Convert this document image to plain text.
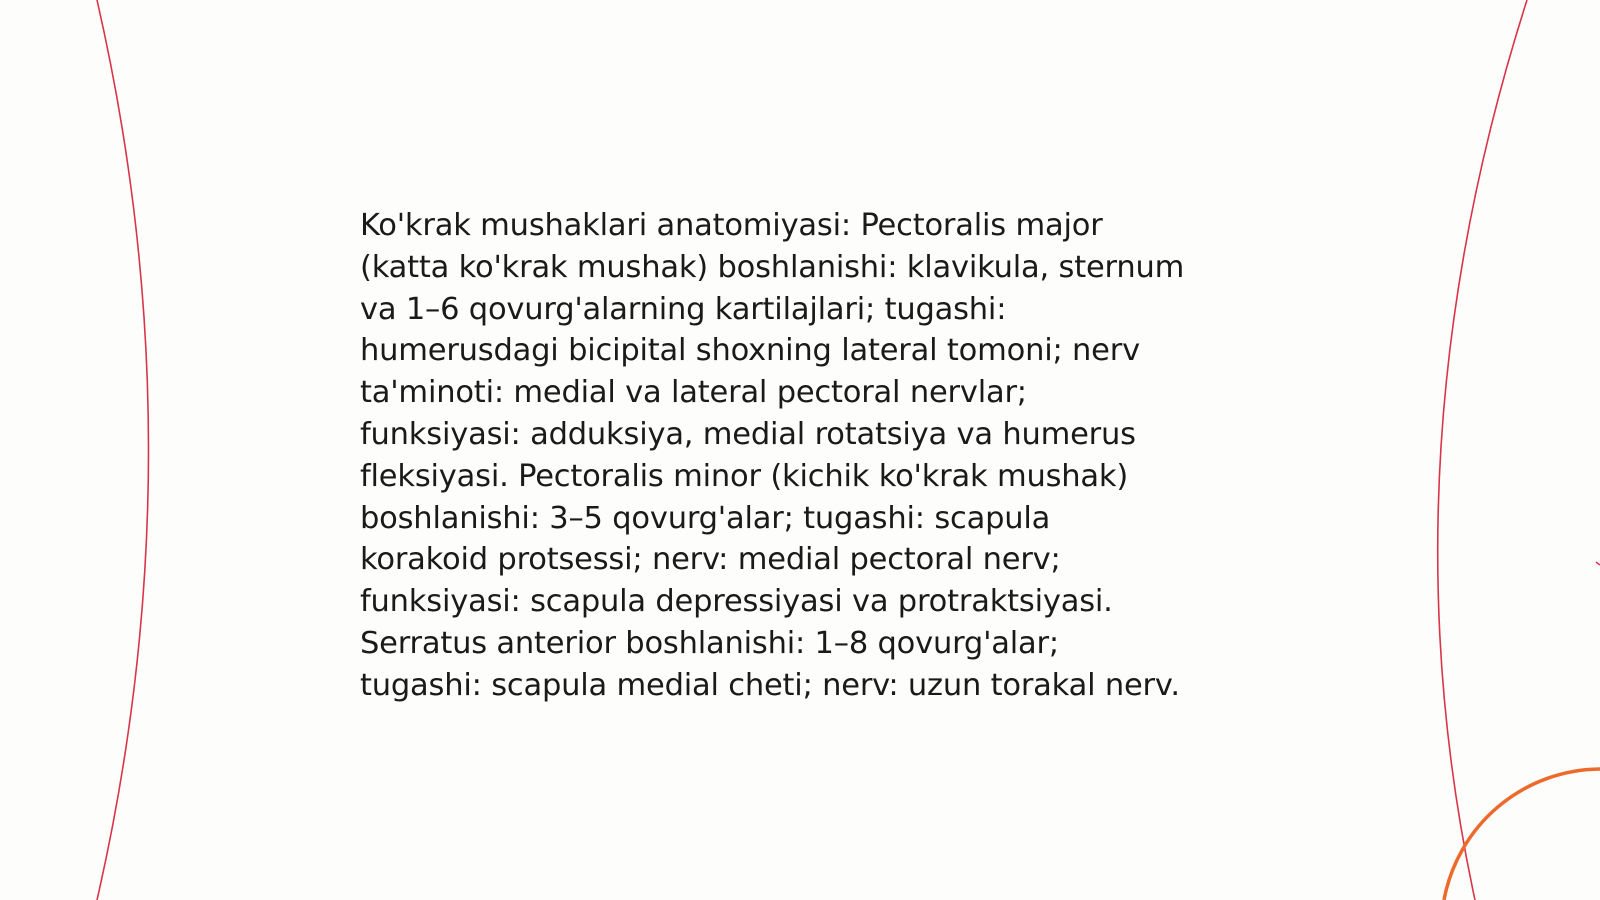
Ko'krak mushaklari anatomiyasi: Pectoralis major
(katta ko'krak mushak) boshlanishi: klavikula, sternum
va 1–6 qovurg'alarning kartilajlari; tugashi:
humerusdagi bicipital shoxning lateral tomoni; nerv
ta'minoti: medial va lateral pectoral nervlar;
funksiyasi: adduksiya, medial rotatsiya va humerus
fleksiyasi. Pectoralis minor (kichik ko'krak mushak)
boshlanishi: 3–5 qovurg'alar; tugashi: scapula
korakoid protsessi; nerv: medial pectoral nerv;
funksiyasi: scapula depressiyasi va protraktsiyasi.
Serratus anterior boshlanishi: 1–8 qovurg'alar;
tugashi: scapula medial cheti; nerv: uzun torakal nerv.
